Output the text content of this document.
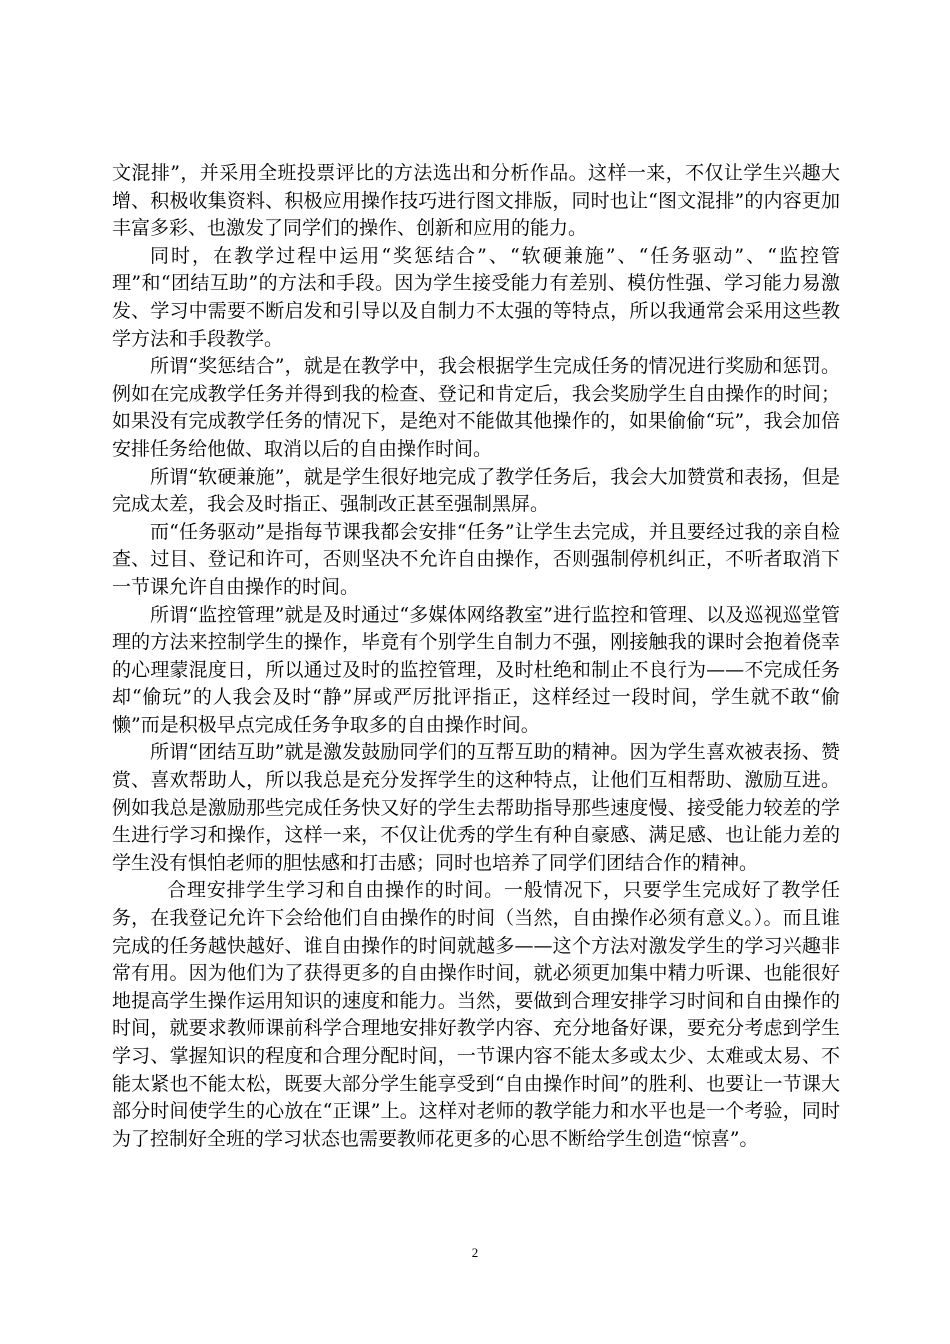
文混排”，并采用全班投票评比的方法选出和分析作品。这样一来，不仅让学生兴趣大增、积极收集资料、积极应用操作技巧进行图文排版，同时也让“图文混排”的内容更加丰富多彩、也激发了同学们的操作、创新和应用的能力。

同时，在教学过程中运用“奖惩结合”、“软硬兼施”、“任务驱动”、“监控管理”和“团结互助”的方法和手段。因为学生接受能力有差别、模仿性强、学习能力易激发、学习中需要不断启发和引导以及自制力不太强的等特点，所以我通常会采用这些教学方法和手段教学。

所谓“奖惩结合”，就是在教学中，我会根据学生完成任务的情况进行奖励和惩罚。例如在完成教学任务并得到我的检查、登记和肯定后，我会奖励学生自由操作的时间；如果没有完成教学任务的情况下，是绝对不能做其他操作的，如果偷偷“玩”，我会加倍安排任务给他做、取消以后的自由操作时间。

所谓“软硬兼施”，就是学生很好地完成了教学任务后，我会大加赞赏和表扬，但是完成太差，我会及时指正、强制改正甚至强制黑屏。

而“任务驱动”是指每节课我都会安排“任务”让学生去完成，并且要经过我的亲自检查、过目、登记和许可，否则坚决不允许自由操作，否则强制停机纠正，不听者取消下一节课允许自由操作的时间。

所谓“监控管理”就是及时通过“多媒体网络教室”进行监控和管理、以及巡视巡堂管理的方法来控制学生的操作，毕竟有个别学生自制力不强，刚接触我的课时会抱着侥幸的心理蒙混度日，所以通过及时的监控管理，及时杜绝和制止不良行为——不完成任务却“偷玩”的人我会及时“静”屏或严厉批评指正，这样经过一段时间，学生就不敢“偷懒”而是积极早点完成任务争取多的自由操作时间。

所谓“团结互助”就是激发鼓励同学们的互帮互助的精神。因为学生喜欢被表扬、赞赏、喜欢帮助人，所以我总是充分发挥学生的这种特点，让他们互相帮助、激励互进。例如我总是激励那些完成任务快又好的学生去帮助指导那些速度慢、接受能力较差的学生进行学习和操作，这样一来，不仅让优秀的学生有种自豪感、满足感、也让能力差的学生没有惧怕老师的胆怯感和打击感；同时也培养了同学们团结合作的精神。

合理安排学生学习和自由操作的时间。一般情况下，只要学生完成好了教学任务，在我登记允许下会给他们自由操作的时间（当然，自由操作必须有意义。）。而且谁完成的任务越快越好、谁自由操作的时间就越多——这个方法对激发学生的学习兴趣非常有用。因为他们为了获得更多的自由操作时间，就必须更加集中精力听课、也能很好地提高学生操作运用知识的速度和能力。当然，要做到合理安排学习时间和自由操作的时间，就要求教师课前科学合理地安排好教学内容、充分地备好课，要充分考虑到学生学习、掌握知识的程度和合理分配时间，一节课内容不能太多或太少、太难或太易、不能太紧也不能太松，既要大部分学生能享受到“自由操作时间”的胜利、也要让一节课大部分时间使学生的心放在“正课”上。这样对老师的教学能力和水平也是一个考验，同时为了控制好全班的学习状态也需要教师花更多的心思不断给学生创造“惊喜”。

2
